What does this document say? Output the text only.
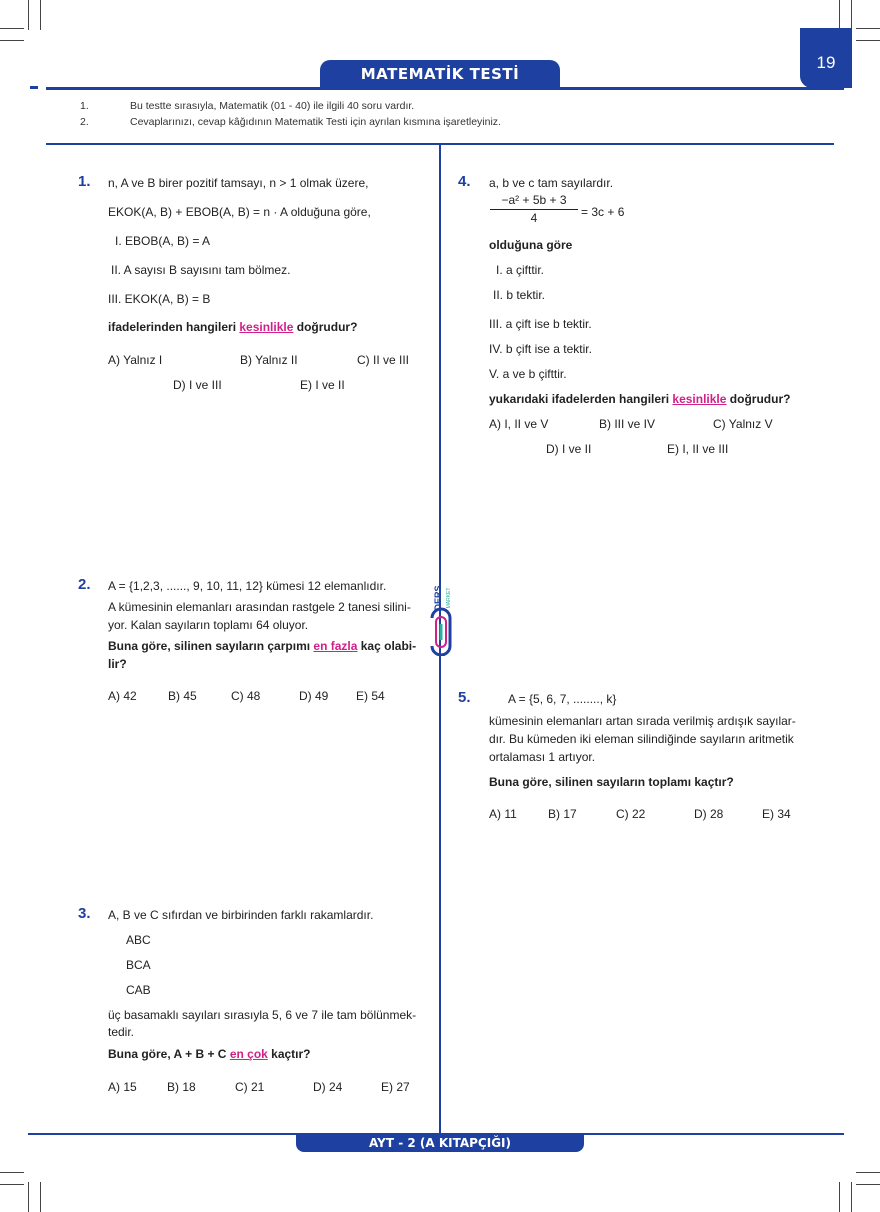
MATEMATİK TESTİ
19
1.	Bu testte sırasıyla, Matematik (01 - 40) ile ilgili 40 soru vardır.
2.	Cevaplarınızı, cevap kâğıdının Matematik Testi için ayrılan kısmına işaretleyiniz.
1. n, A ve B birer pozitif tamsayı, n > 1 olmak üzere,
EKOK(A, B) + EBOB(A, B) = n · A olduğuna göre,
I. EBOB(A, B) = A
II. A sayısı B sayısını tam bölmez.
III. EKOK(A, B) = B
ifadelerinden hangileri kesinlikle doğrudur?
A) Yalnız I	B) Yalnız II	C) II ve III
D) I ve III	E) I ve II
2. A = {1,2,3, ......, 9, 10, 11, 12} kümesi 12 elemanlıdır.
A kümesinin elemanları arasından rastgele 2 tanesi silini-
yor. Kalan sayıların toplamı 64 oluyor.
Buna göre, silinen sayıların çarpımı en fazla kaç olabi-
lir?
A) 42	B) 45	C) 48	D) 49 E) 54
3. A, B ve C sıfırdan ve birbirinden farklı rakamlardır.
ABC
BCA
CAB
üç basamaklı sayıları sırasıyla 5, 6 ve 7 ile tam bölünmek-
tedir.
Buna göre, A + B + C en çok kaçtır?
A) 15	B) 18	C) 21	D) 24	E) 27
4. a, b ve c tam sayılardır.
−a² + 5b + 3
4	= 3c + 6
olduğuna göre
I. a çifttir.
II. b tektir.
III. a çift ise b tektir.
IV. b çift ise a tektir.
V. a ve b çifttir.
yukarıdaki ifadelerden hangileri kesinlikle doğrudur?
A) I, II ve V	B) III ve IV	C) Yalnız V
D) I ve II	E) I, II ve III
5.	A = {5, 6, 7, ........, k}
kümesinin elemanları artan sırada verilmiş ardışık sayılar-
dır. Bu kümeden iki eleman silindiğinde sayıların aritmetik
ortalaması 1 artıyor.
Buna göre, silinen sayıların toplamı kaçtır?
A) 11	B) 17	C) 22	D) 28	E) 34
DERS MARKET
AYT - 2 (A KITAPÇIĞI)
